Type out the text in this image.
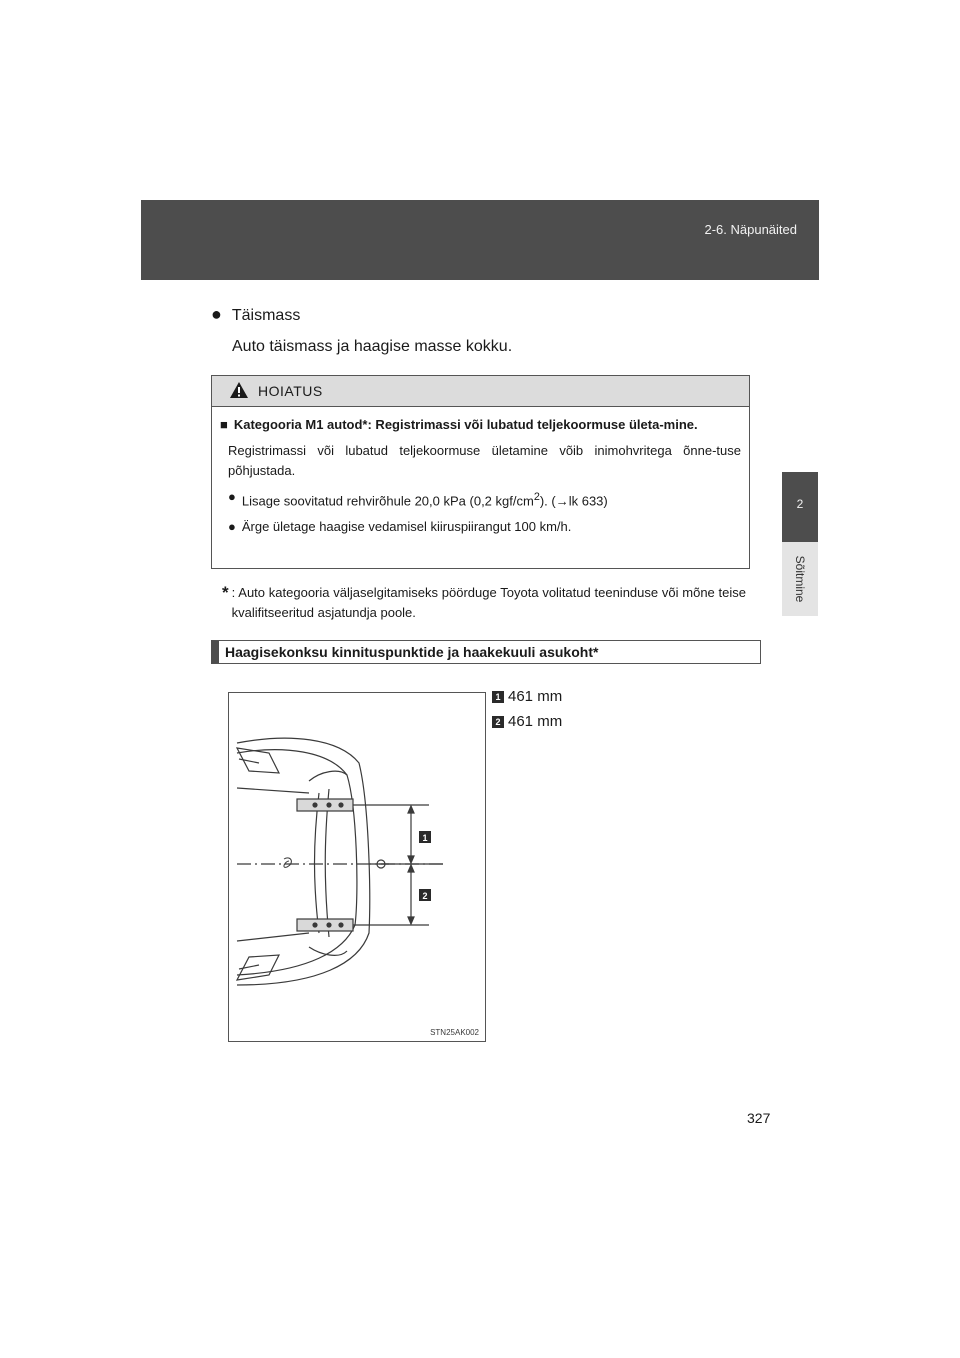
2-6. Näpunäited
2
Sõitmine
● Täismass
Auto täismass ja haagise masse kokku.
HOIATUS
■ Kategooria M1 autod*: Registrimassi või lubatud teljekoormuse ületa-mine.
Registrimassi või lubatud teljekoormuse ületamine võib inimohvritega õnne-tuse põhjustada.
● Lisage soovitatud rehvirõhule 20,0 kPa (0,2 kgf/$cm^2$). (→lk 633)
● Ärge ületage haagise vedamisel kiiruspiirangut 100 km/h.
* : Auto kategooria väljaselgitamiseks pöörduge Toyota volitatud teeninduse või mõne teise kvalifitseeritud asjatundja poole.
Haagisekonksu kinnituspunktide ja haakekuuli asukoht*
1
2
STN25AK002
1 461 mm
2 461 mm
327
